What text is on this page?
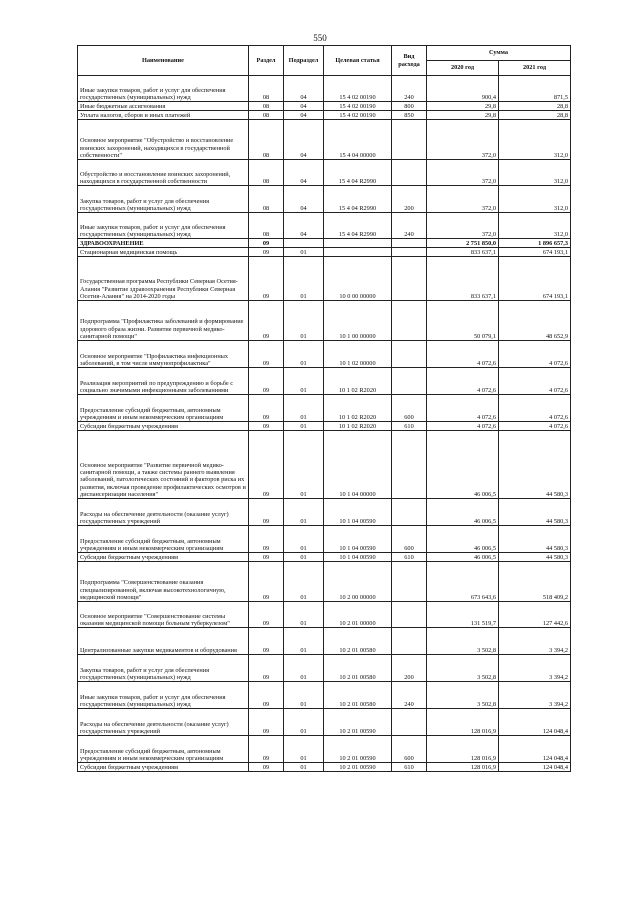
550
Наименование	Раздел	Подраздел	Целевая статья	Вид расхода	Сумма	
					2020 год	2021 год
Иные закупки товаров, работ и услуг для обеспечения государственных (муниципальных) нужд	08	04	15 4 02 00190	240	900,4	871,5
Иные бюджетные ассигнования	08	04	15 4 02 00190	800	29,8	28,8
Уплата налогов, сборов и иных платежей	08	04	15 4 02 00190	850	29,8	28,8
Основное мероприятие "Обустройство и восстановление воинских захоронений, находящихся в государственной собственности"	08	04	15 4 04 00000		372,0	312,0
Обустройство и восстановление воинских захоронений, находящихся в государственной собственности	08	04	15 4 04 R2990		372,0	312,0
Закупка товаров, работ и услуг для обеспечения государственных (муниципальных) нужд	08	04	15 4 04 R2990	200	372,0	312,0
Иные закупки товаров, работ и услуг для обеспечения государственных (муниципальных) нужд	08	04	15 4 04 R2990	240	372,0	312,0
ЗДРАВООХРАНЕНИЕ	09				2 751 850,0	1 896 657,3
Стационарная медицинская помощь	09	01			833 637,1	674 193,1
Государственная программа Республики Северная Осетия-Алания "Развитие здравоохранения Республики Северная Осетия-Алания" на 2014-2020 годы	09	01	10 0 00 00000		833 637,1	674 193,1
Подпрограмма "Профилактика заболеваний и формирование здорового образа жизни. Развитие первичной медико-санитарной помощи"	09	01	10 1 00 00000		50 079,1	48 652,9
Основное мероприятие "Профилактика инфекционных заболеваний, в том числе иммунопрофилактика"	09	01	10 1 02 00000		4 072,6	4 072,6
Реализация мероприятий по предупреждению и борьбе с социально значимыми инфекционными заболеваниями	09	01	10 1 02 R2020		4 072,6	4 072,6
Предоставление субсидий бюджетным, автономным учреждениям и иным некоммерческим организациям	09	01	10 1 02 R2020	600	4 072,6	4 072,6
Субсидии бюджетным учреждениям	09	01	10 1 02 R2020	610	4 072,6	4 072,6
Основное мероприятие "Развитие первичной медико-санитарной помощи, а также системы раннего выявления заболеваний, патологических состояний и факторов риска их развития, включая проведение профилактических осмотров и диспансеризации населения"	09	01	10 1 04 00000		46 006,5	44 580,3
Расходы на обеспечение деятельности (оказание услуг) государственных учреждений	09	01	10 1 04 00590		46 006,5	44 580,3
Предоставление субсидий бюджетным, автономным учреждениям и иным некоммерческим организациям	09	01	10 1 04 00590	600	46 006,5	44 580,3
Субсидии бюджетным учреждениям	09	01	10 1 04 00590	610	46 006,5	44 580,3
Подпрограмма "Совершенствование оказания специализированной, включая высокотехнологичную, медицинской помощи"	09	01	10 2 00 00000		673 643,6	518 409,2
Основное мероприятие "Совершенствование системы оказания медицинской помощи больным туберкулезом"	09	01	10 2 01 00000		131 519,7	127 442,6
Централизованные закупки медикаментов и оборудования	09	01	10 2 01 00580		3 502,8	3 394,2
Закупка товаров, работ и услуг для обеспечения государственных (муниципальных) нужд	09	01	10 2 01 00580	200	3 502,8	3 394,2
Иные закупки товаров, работ и услуг для обеспечения государственных (муниципальных) нужд	09	01	10 2 01 00580	240	3 502,8	3 394,2
Расходы на обеспечение деятельности (оказание услуг) государственных учреждений	09	01	10 2 01 00590		128 016,9	124 048,4
Предоставление субсидий бюджетным, автономным учреждениям и иным некоммерческим организациям	09	01	10 2 01 00590	600	128 016,9	124 048,4
Субсидии бюджетным учреждениям	09	01	10 2 01 00590	610	128 016,9	124 048,4
